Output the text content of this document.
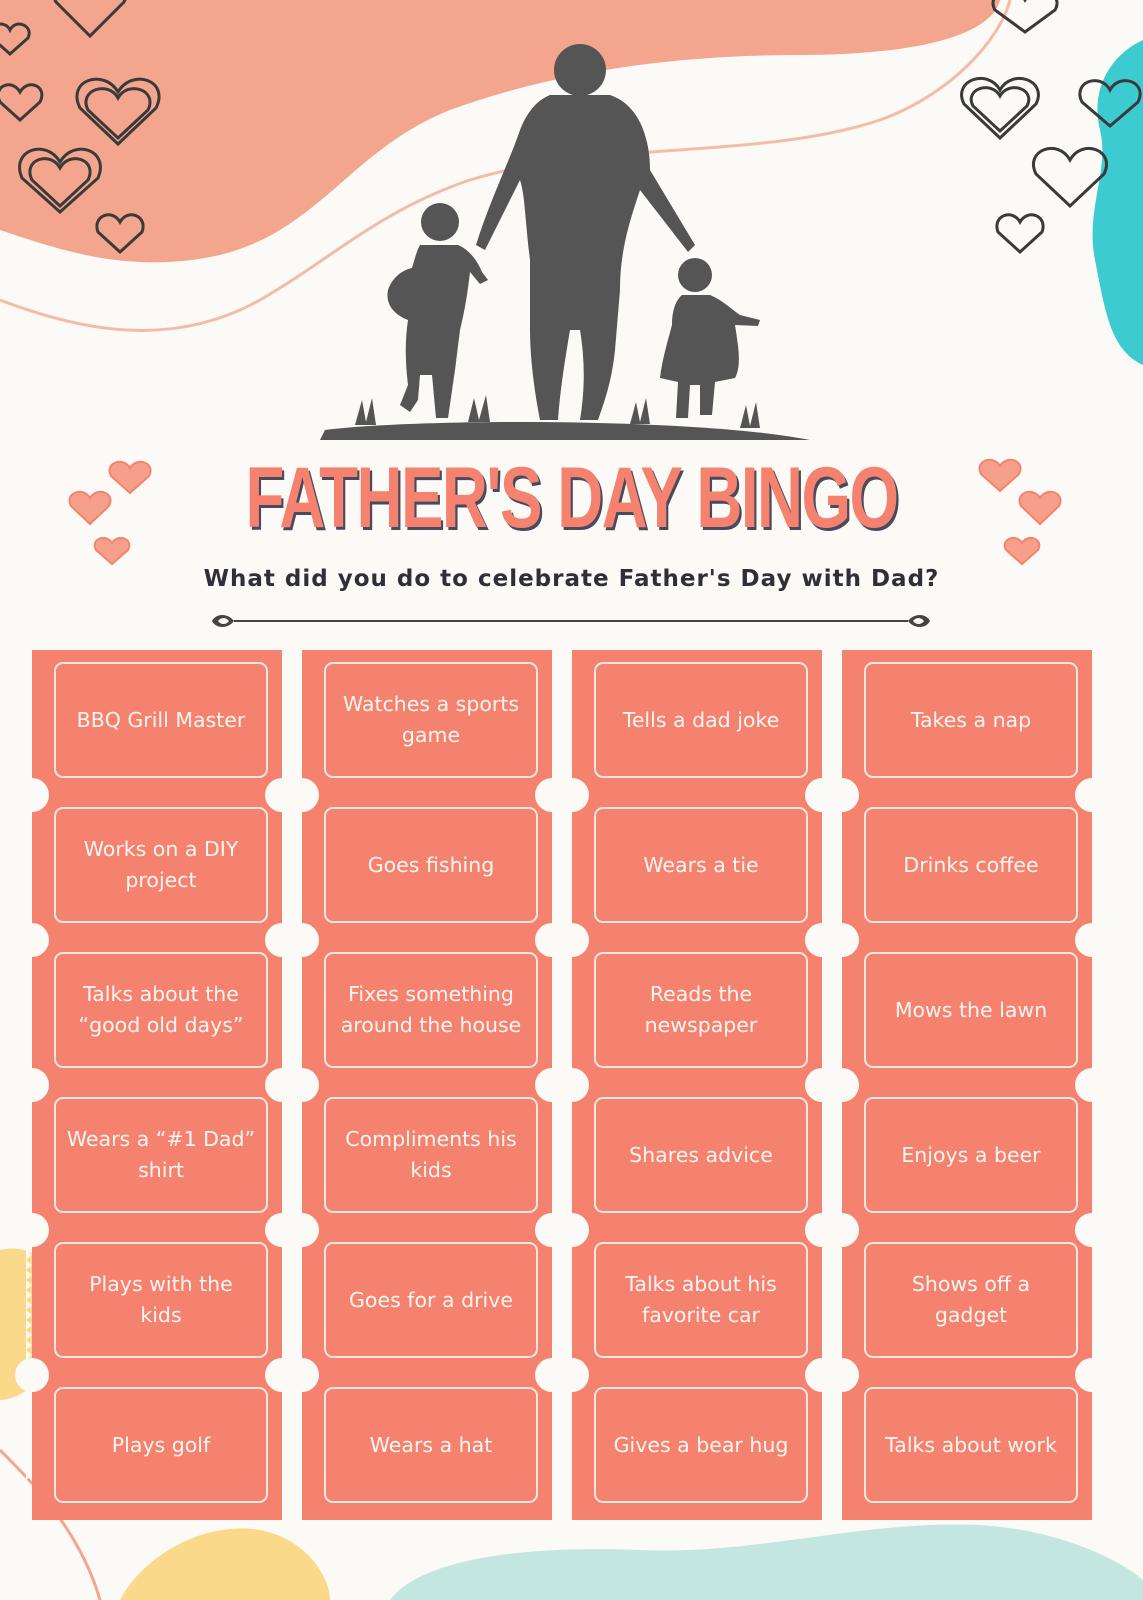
FATHER'S DAY BINGO

What did you do to celebrate Father's Day with Dad?

BBQ Grill Master
Works on a DIY project
Talks about the “good old days”
Wears a “#1 Dad” shirt
Plays with the kids
Plays golf
Watches a sports game
Goes fishing
Fixes something around the house
Compliments his kids
Goes for a drive
Wears a hat
Tells a dad joke
Wears a tie
Reads the newspaper
Shares advice
Talks about his favorite car
Gives a bear hug
Takes a nap
Drinks coffee
Mows the lawn
Enjoys a beer
Shows off a gadget
Talks about work
